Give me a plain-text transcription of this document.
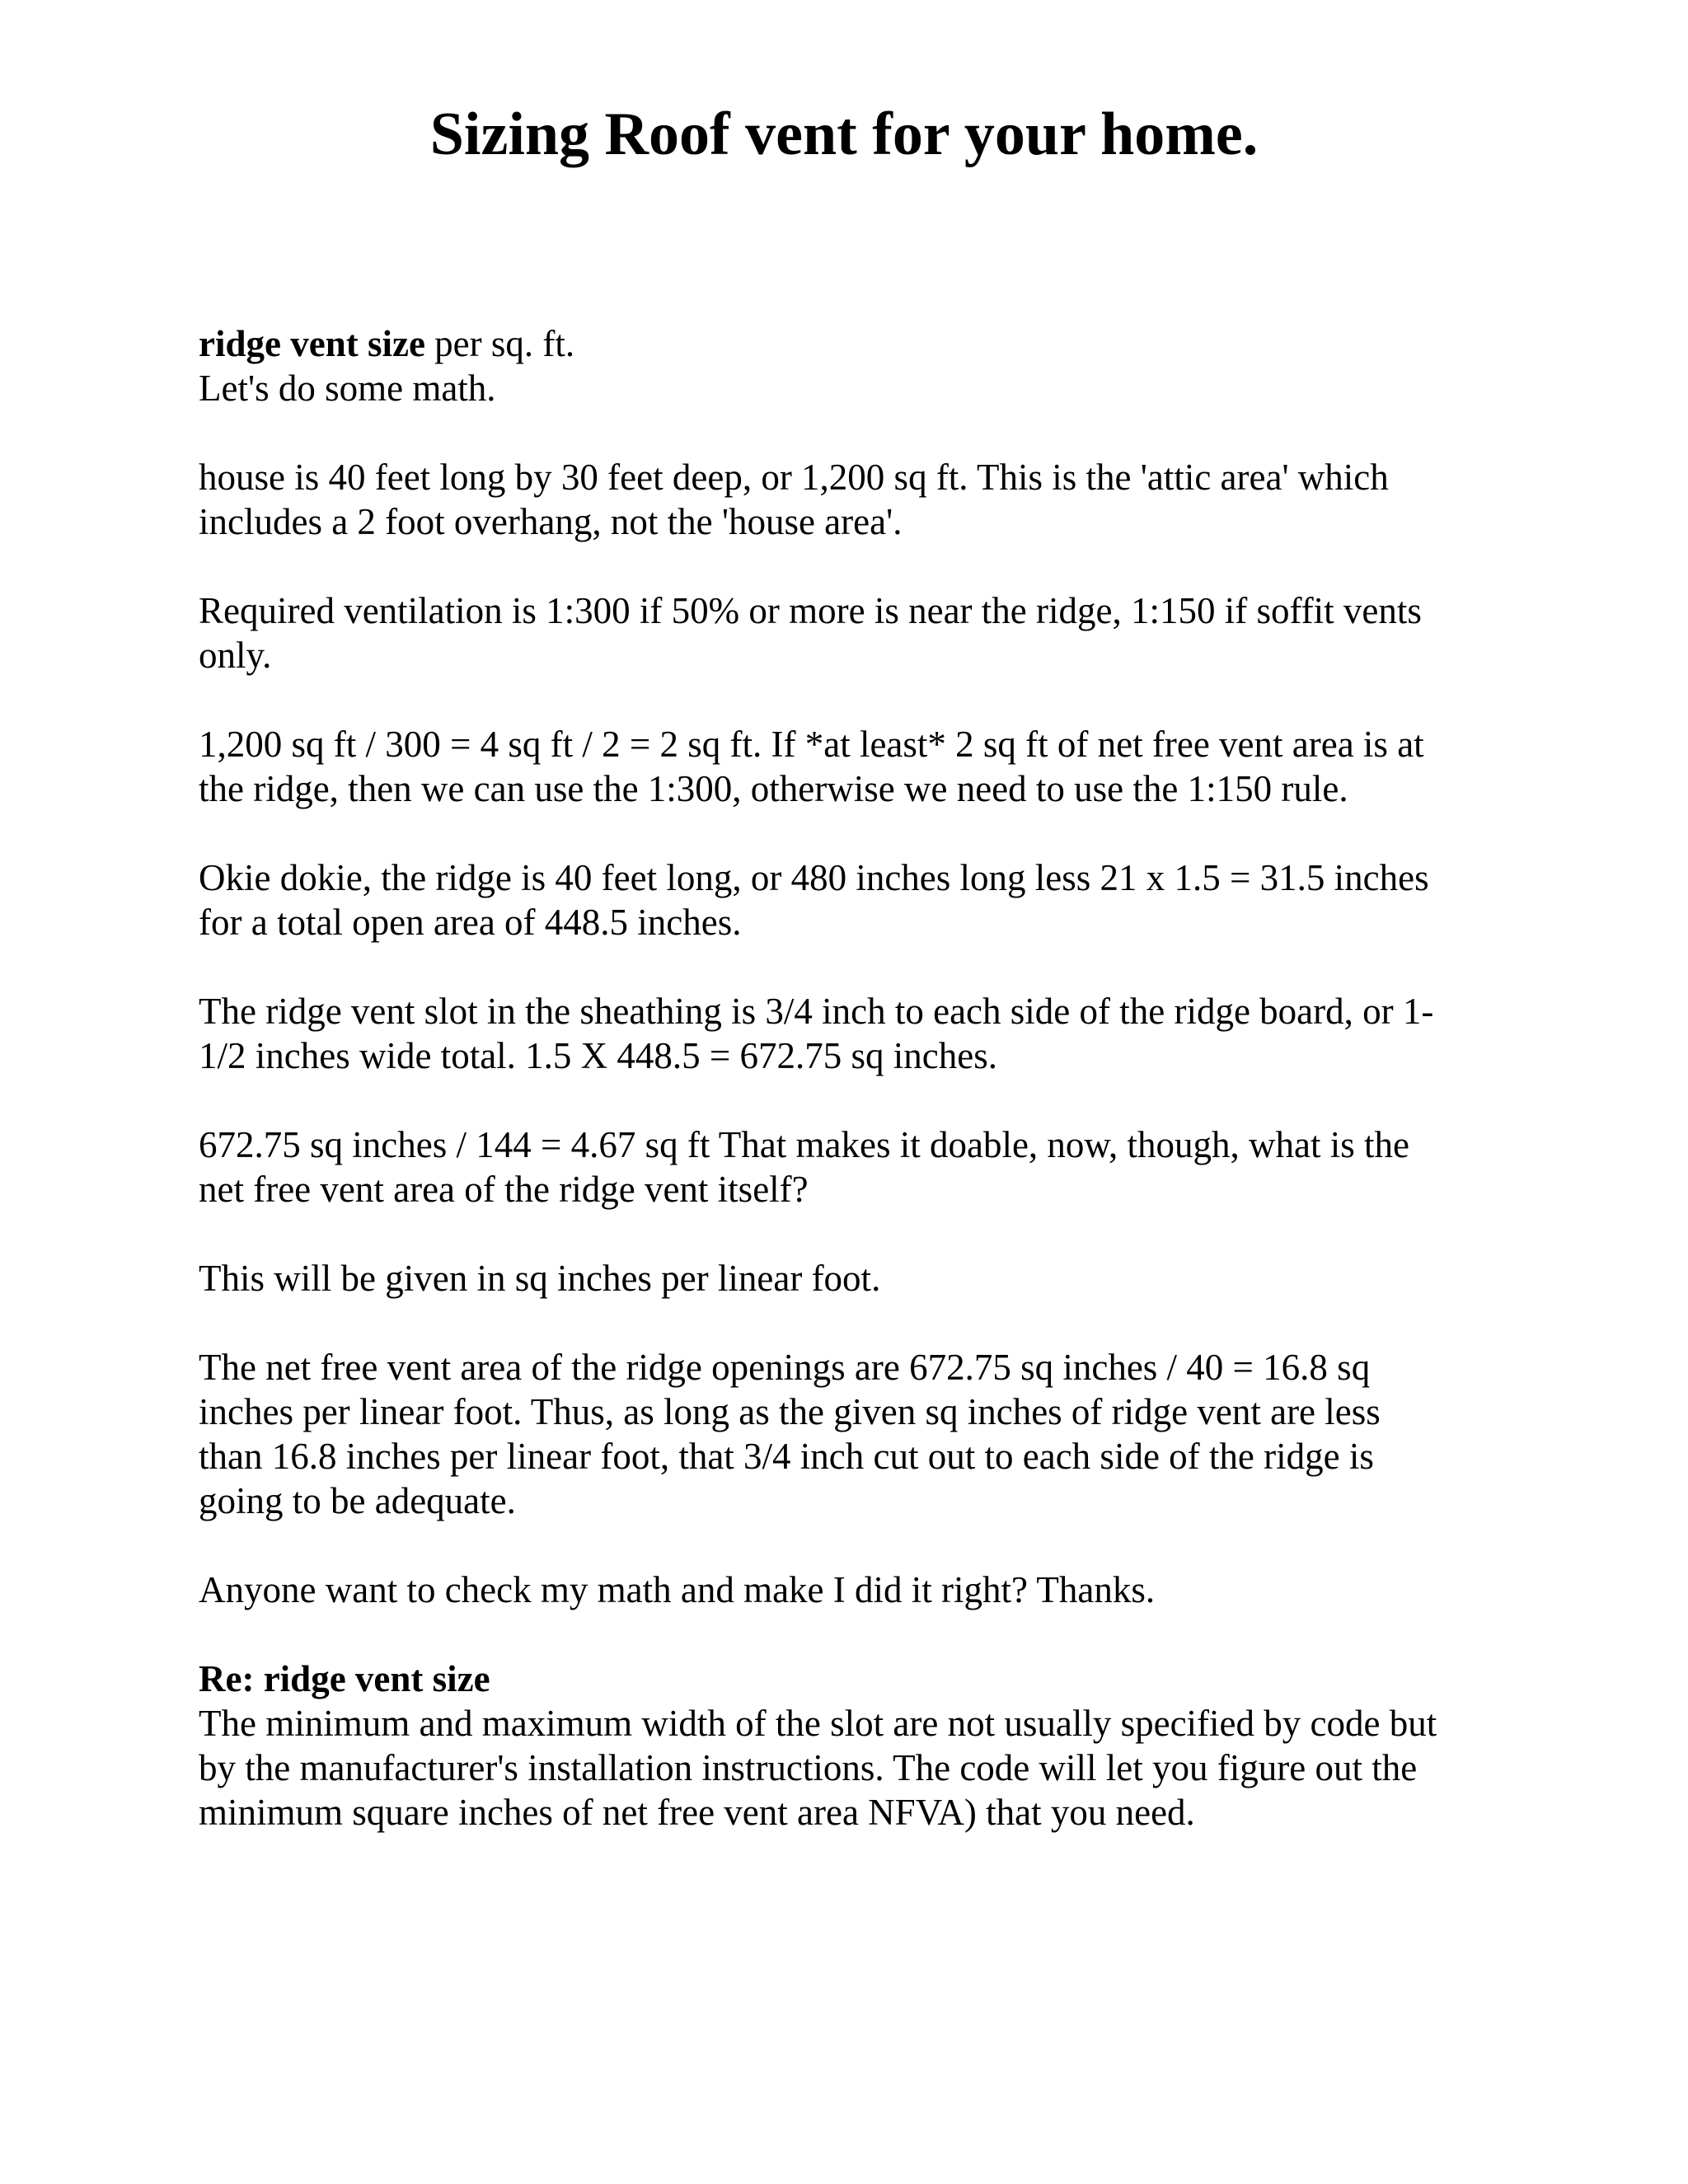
Sizing Roof vent for your home.

ridge vent size per sq. ft.

Let's do some math.

house is 40 feet long by 30 feet deep, or 1,200 sq ft. This is the 'attic area' which

includes a 2 foot overhang, not the 'house area'.

Required ventilation is 1:300 if 50% or more is near the ridge, 1:150 if soffit vents

only.

1,200 sq ft / 300 = 4 sq ft / 2 = 2 sq ft. If *at least* 2 sq ft of net free vent area is at

the ridge, then we can use the 1:300, otherwise we need to use the 1:150 rule.

Okie dokie, the ridge is 40 feet long, or 480 inches long less 21 x 1.5 = 31.5 inches

for a total open area of 448.5 inches.

The ridge vent slot in the sheathing is 3/4 inch to each side of the ridge board, or 1-

1/2 inches wide total. 1.5 X 448.5 = 672.75 sq inches.

672.75 sq inches / 144 = 4.67 sq ft That makes it doable, now, though, what is the

net free vent area of the ridge vent itself?

This will be given in sq inches per linear foot.

The net free vent area of the ridge openings are 672.75 sq inches / 40 = 16.8 sq

inches per linear foot. Thus, as long as the given sq inches of ridge vent are less

than 16.8 inches per linear foot, that 3/4 inch cut out to each side of the ridge is

going to be adequate.

Anyone want to check my math and make I did it right? Thanks.

Re: ridge vent size

The minimum and maximum width of the slot are not usually specified by code but

by the manufacturer's installation instructions. The code will let you figure out the

minimum square inches of net free vent area NFVA) that you need.
